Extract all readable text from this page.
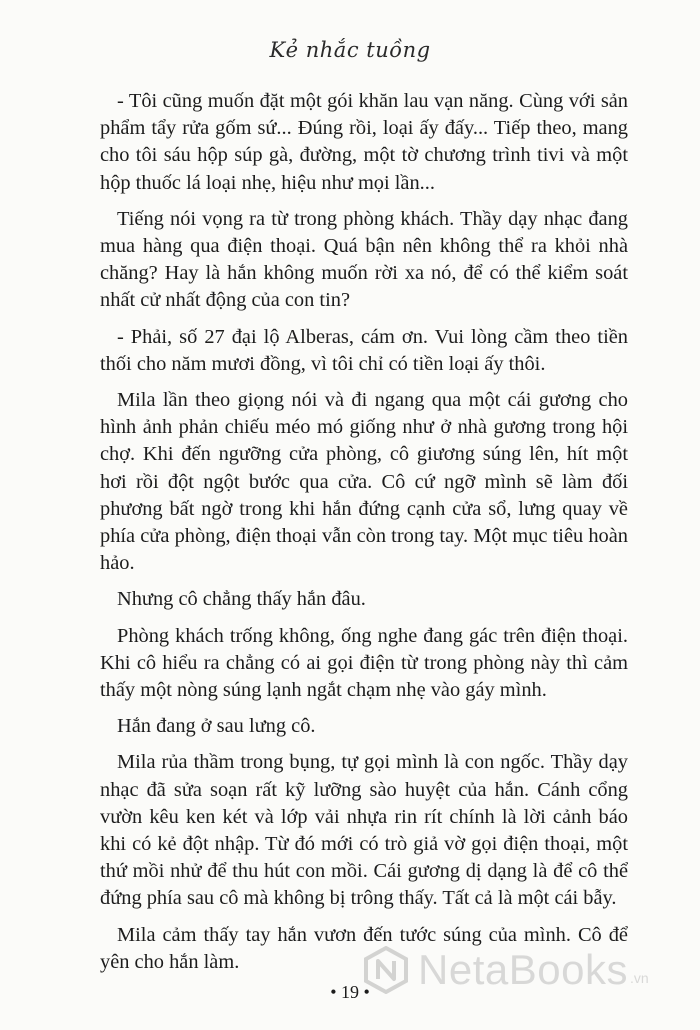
Kẻ nhắc tuồng

- Tôi cũng muốn đặt một gói khăn lau vạn năng. Cùng với sản phẩm tẩy rửa gốm sứ... Đúng rồi, loại ấy đấy... Tiếp theo, mang cho tôi sáu hộp súp gà, đường, một tờ chương trình tivi và một hộp thuốc lá loại nhẹ, hiệu như mọi lần...

Tiếng nói vọng ra từ trong phòng khách. Thầy dạy nhạc đang mua hàng qua điện thoại. Quá bận nên không thể ra khỏi nhà chăng? Hay là hắn không muốn rời xa nó, để có thể kiểm soát nhất cử nhất động của con tin?

- Phải, số 27 đại lộ Alberas, cám ơn. Vui lòng cầm theo tiền thối cho năm mươi đồng, vì tôi chỉ có tiền loại ấy thôi.

Mila lần theo giọng nói và đi ngang qua một cái gương cho hình ảnh phản chiếu méo mó giống như ở nhà gương trong hội chợ. Khi đến ngưỡng cửa phòng, cô giương súng lên, hít một hơi rồi đột ngột bước qua cửa. Cô cứ ngỡ mình sẽ làm đối phương bất ngờ trong khi hắn đứng cạnh cửa sổ, lưng quay về phía cửa phòng, điện thoại vẫn còn trong tay. Một mục tiêu hoàn hảo.

Nhưng cô chẳng thấy hắn đâu.

Phòng khách trống không, ống nghe đang gác trên điện thoại. Khi cô hiểu ra chẳng có ai gọi điện từ trong phòng này thì cảm thấy một nòng súng lạnh ngắt chạm nhẹ vào gáy mình.

Hắn đang ở sau lưng cô.

Mila rủa thầm trong bụng, tự gọi mình là con ngốc. Thầy dạy nhạc đã sửa soạn rất kỹ lưỡng sào huyệt của hắn. Cánh cổng vườn kêu ken két và lớp vải nhựa rin rít chính là lời cảnh báo khi có kẻ đột nhập. Từ đó mới có trò giả vờ gọi điện thoại, một thứ mồi nhử để thu hút con mồi. Cái gương dị dạng là để cô thể đứng phía sau cô mà không bị trông thấy. Tất cả là một cái bẫy.

Mila cảm thấy tay hắn vươn đến tước súng của mình. Cô để yên cho hắn làm.

• 19 •	NetaBooks .vn
